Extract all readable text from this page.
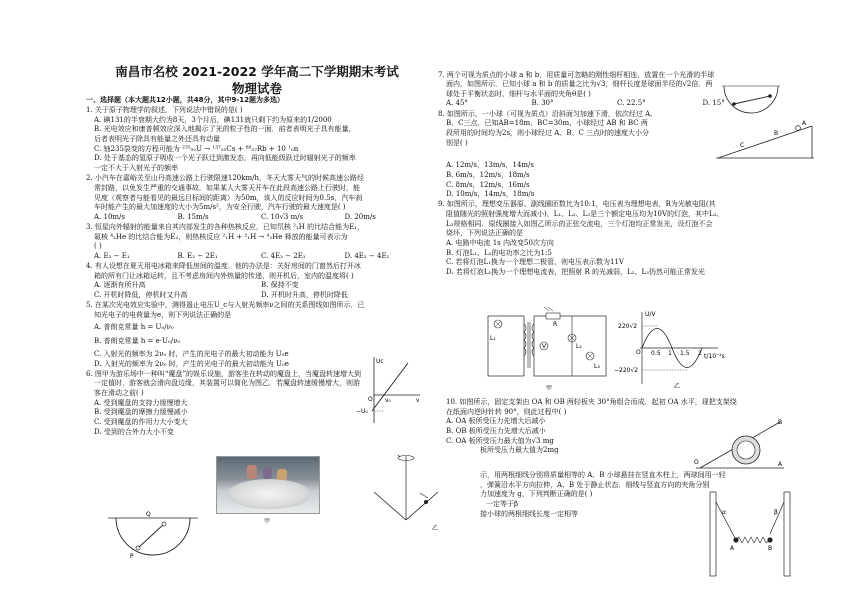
南昌市名校 2021-2022 学年高二下学期期末考试
物理试卷
一、选择题（本大题共12小题，共48分，其中9-12题为多选）
1. 关于原子物理学的叙述，下列说法中错误的是( )
A. 碘131的半衰期大约为8天，3个月后，碘131就只剩下约为原来的1/2000
B. 光电效应和康普顿效应深入地揭示了光的粒子性的一面．前者表明光子具有能量，
后者表明光子除具有能量之外还具有动量
C. 铀235裂变的方程可能为 ²³⁵₉₂U → ¹³⁷₅₅Cs + ⁸⁸₃₇Rb + 10 ¹₀n
D. 处于基态的氢原子吸收一个光子跃迁到激发态，再向低能级跃迁时辐射光子的频率
一定不大于入射光子的频率
2. 小汽车在嘉峪关至山丹高速公路上行驶限速120km/h，冬天大雾天气的时候高速公路经
常封路，以免发生严重的交通事故．如果某人大雾天开车在此段高速公路上行驶时，能
见度（观察者与能看见的最远目标间的距离）为50m，该人的反应时间为0.5s，汽车刹
车时能产生的最大加速度的大小为5m/s²，为安全行驶，汽车行驶的最大速度是( )
A. 10m/s	B. 15m/s	C. 10√3 m/s	D. 20m/s
3. 恒星向外辐射的能量来自其内部发生的各种热核反应，已知氘核 ²₁H 的比结合能为E₁，
氦核 ⁴₂He 的比结合能为E₂，则热核反应 ²₁H + ²₁H → ⁴₂He 释放的能量可表示为
( )
A. E₂ − E₁	B. E₂ − 2E₁	C. 4E₂ − 2E₁	D. 4E₂ − 4E₁
4. 有人设想在夏天用电冰箱来降低房间的温度．他的办法是：关好房间的门窗然后打开冰
箱的所有门让冰箱运转，且不考虑房间内外热量的传递，则开机后，室内的温度将( )
A. 逐渐有所升高	B. 保持不变
C. 开机时降低，停机时又升高	D. 开机时升高，停机时降低
5. 在某次光电效应实验中，测得遏止电压U_c与入射光频率ν之间的关系图线如图所示．已
知光电子的电荷量为e，则下列说法正确的是
A. 普朗克常量 h = U₀/ν₀
B. 普朗克常量 h = e·U₀/ν₀
C. 入射光的频率为 2ν₀ 时，产生的光电子的最大初动能为 U₀e
D. 入射光的频率为 2ν₀ 时，产生的光电子的最大初动能为 U₀e
6. 图甲为游乐场中一种叫“魔盘”的娱乐设施，游客坐在转动的魔盘上，当魔盘转速增大到
一定值时，游客就会滑向盘边缘，其装置可以简化为图乙．若魔盘转速缓慢增大，则游
客在滑动之前( )
A. 受到魔盘的支持力缓慢增大
B. 受到魔盘的摩擦力缓慢减小
C. 受到魔盘的作用力大小变大
D. 受到的合外力大小不变
Uc
ν
O ν₀
−U₀
甲
乙
Q
P
7. 两个可视为质点的小球 a 和 b，用质量可忽略的刚性细杆相连，放置在一个光滑的半球
面内，如图所示．已知小球 a 和 b 的质量之比为√3，细杆长度是球面半径的√2倍．两
球处于平衡状态时，细杆与水平面的夹角θ是( )
A. 45°	B. 30°	C. 22.5°	D. 15°
8. 如图所示，一小球（可视为质点）沿斜面匀加速下滑，依次经过 A、
B、C三点，已知AB=18m，BC=30m，小球经过 AB 和 BC 两
段所用的时间均为2s，则小球经过 A、B、C 三点时的速度大小分
别是( )
A. 12m/s，13m/s，14m/s
B. 6m/s，12m/s，18m/s
C. 8m/s，12m/s，16m/s
D. 10m/s，14m/s，18m/s
9. 如图所示，理想变压器原、副线圈匝数比为10:1，电压表为理想电表，R为光敏电阻(其
阻值随光的照射强度增大而减小)，L₁、L₂、L₃是三个额定电压均为10V的灯泡，其中L₂、
L₃规格相同．原线圈接入如图乙所示的正弦交流电，三个灯泡均正常发光，设灯泡不会
烧坏，下列说法正确的是
A. 电路中电流 1s 内改变50次方向
B. 灯泡L₁、L₂的电功率之比为1:5
C. 若将灯泡L₁换为一个理想二极管，则电压表示数为11V
D. 若将灯泡L₁换为一个理想电流表，把照射 R 的光减弱，L₂、L₃仍然可能正常发光
A
B
C
R
L₁
V	L₂
L₃
甲
U/V
t/10⁻²s
220√2
−220√2
O 0.5 1 1.5 2
乙
10. 如图所示，固定支架由 OA 和 OB 两轻板夹 30°角组合而成．起初 OA 水平，现把支架绕
在纸面内逆时针转 90°，则此过程中( )
A. OA 板所受压力先增大后减小
B. OB 板所受压力先增大后减小
C. OA 板所受压力最大值为√3 mg
板所受压力最大值为2mg
示，用两根细线分别将质量相等的 A、B 小球悬挂在竖直木柱上，两球间用一轻
，弹簧沿水平方向拉伸，A、B 处于静止状态．细线与竖直方向的夹角分别
力加速度为 g，下列判断正确的是( )
一定等于β
接小球的两根细线长度一定相等
O	A
B
α	β
A	B
